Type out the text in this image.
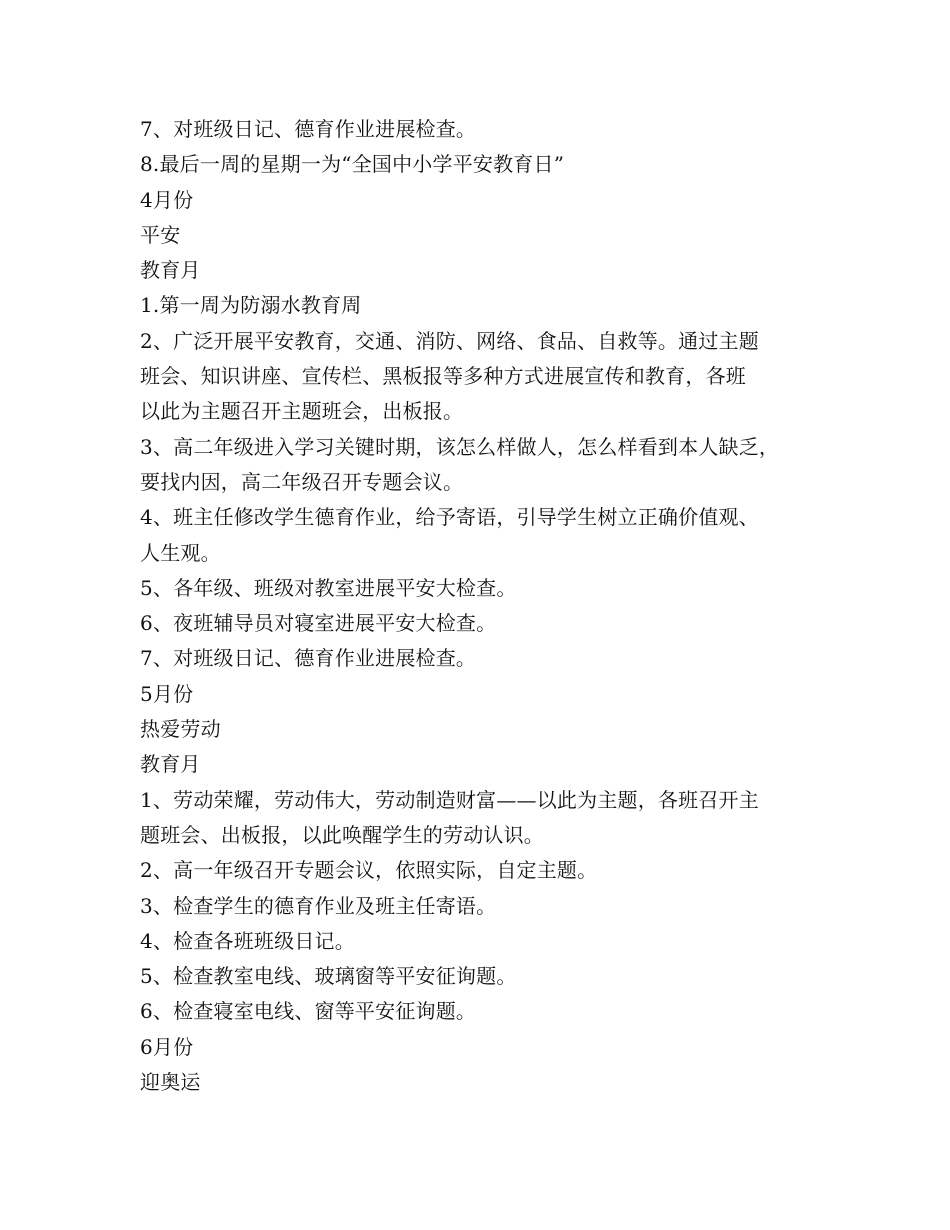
7、对班级日记、德育作业进展检查。
8.最后一周的星期一为“全国中小学平安教育日”
4月份
平安
教育月
1.第一周为防溺水教育周
2、广泛开展平安教育，交通、消防、网络、食品、自救等。通过主题
班会、知识讲座、宣传栏、黑板报等多种方式进展宣传和教育，各班
以此为主题召开主题班会，出板报。
3、高二年级进入学习关键时期，该怎么样做人，怎么样看到本人缺乏，
要找内因，高二年级召开专题会议。
4、班主任修改学生德育作业，给予寄语，引导学生树立正确价值观、
人生观。
5、各年级、班级对教室进展平安大检查。
6、夜班辅导员对寝室进展平安大检查。
7、对班级日记、德育作业进展检查。
5月份
热爱劳动
教育月
1、劳动荣耀，劳动伟大，劳动制造财富——以此为主题，各班召开主
题班会、出板报，以此唤醒学生的劳动认识。
2、高一年级召开专题会议，依照实际，自定主题。
3、检查学生的德育作业及班主任寄语。
4、检查各班班级日记。
5、检查教室电线、玻璃窗等平安征询题。
6、检查寝室电线、窗等平安征询题。
6月份
迎奥运
